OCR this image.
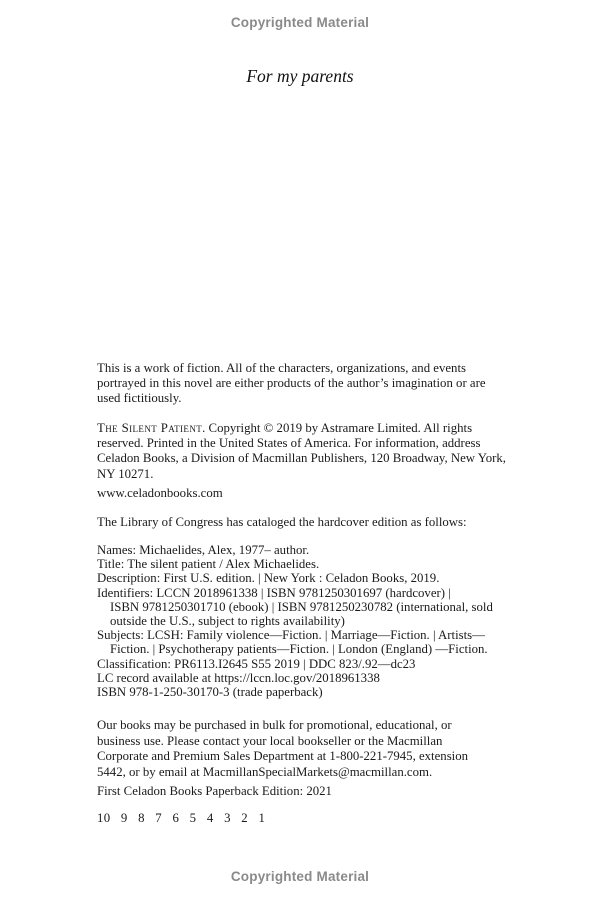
Copyrighted Material
For my parents
This is a work of fiction. All of the characters, organizations, and events
portrayed in this novel are either products of the author’s imagination or are
used fictitiously.
The Silent Patient. Copyright © 2019 by Astramare Limited. All rights
reserved. Printed in the United States of America. For information, address
Celadon Books, a Division of Macmillan Publishers, 120 Broadway, New York,
NY 10271.
www.celadonbooks.com
The Library of Congress has cataloged the hardcover edition as follows:
Names: Michaelides, Alex, 1977– author.
Title: The silent patient / Alex Michaelides.
Description: First U.S. edition. | New York : Celadon Books, 2019.
Identifiers: LCCN 2018961338 | ISBN 9781250301697 (hardcover) |
ISBN 9781250301710 (ebook) | ISBN 9781250230782 (international, sold
outside the U.S., subject to rights availability)
Subjects: LCSH: Family violence—Fiction. | Marriage—Fiction. | Artists—
Fiction. | Psychotherapy patients—Fiction. | London (England) —Fiction.
Classification: PR6113.I2645 S55 2019 | DDC 823/.92—dc23
LC record available at https://lccn.loc.gov/2018961338
ISBN 978-1-250-30170-3 (trade paperback)
Our books may be purchased in bulk for promotional, educational, or
business use. Please contact your local bookseller or the Macmillan
Corporate and Premium Sales Department at 1-800-221-7945, extension
5442, or by email at MacmillanSpecialMarkets@macmillan.com.
First Celadon Books Paperback Edition: 2021
10   9   8   7   6   5   4   3   2   1
Copyrighted Material
